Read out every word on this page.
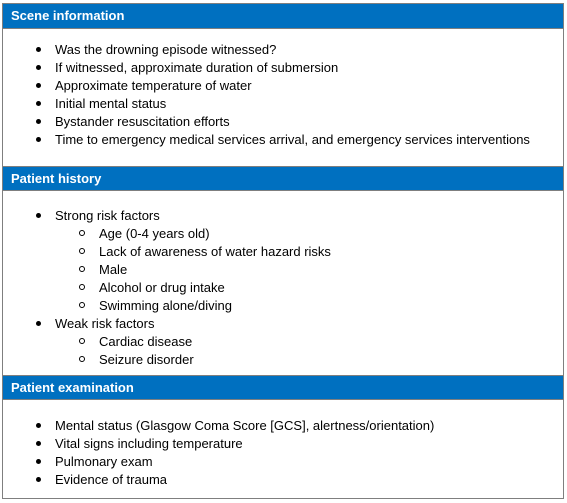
Scene information
Was the drowning episode witnessed?
If witnessed, approximate duration of submersion
Approximate temperature of water
Initial mental status
Bystander resuscitation efforts
Time to emergency medical services arrival, and emergency services interventions
Patient history
Strong risk factors
Age (0-4 years old)
Lack of awareness of water hazard risks
Male
Alcohol or drug intake
Swimming alone/diving
Weak risk factors
Cardiac disease
Seizure disorder
Patient examination
Mental status (Glasgow Coma Score [GCS], alertness/orientation)
Vital signs including temperature
Pulmonary exam
Evidence of trauma
